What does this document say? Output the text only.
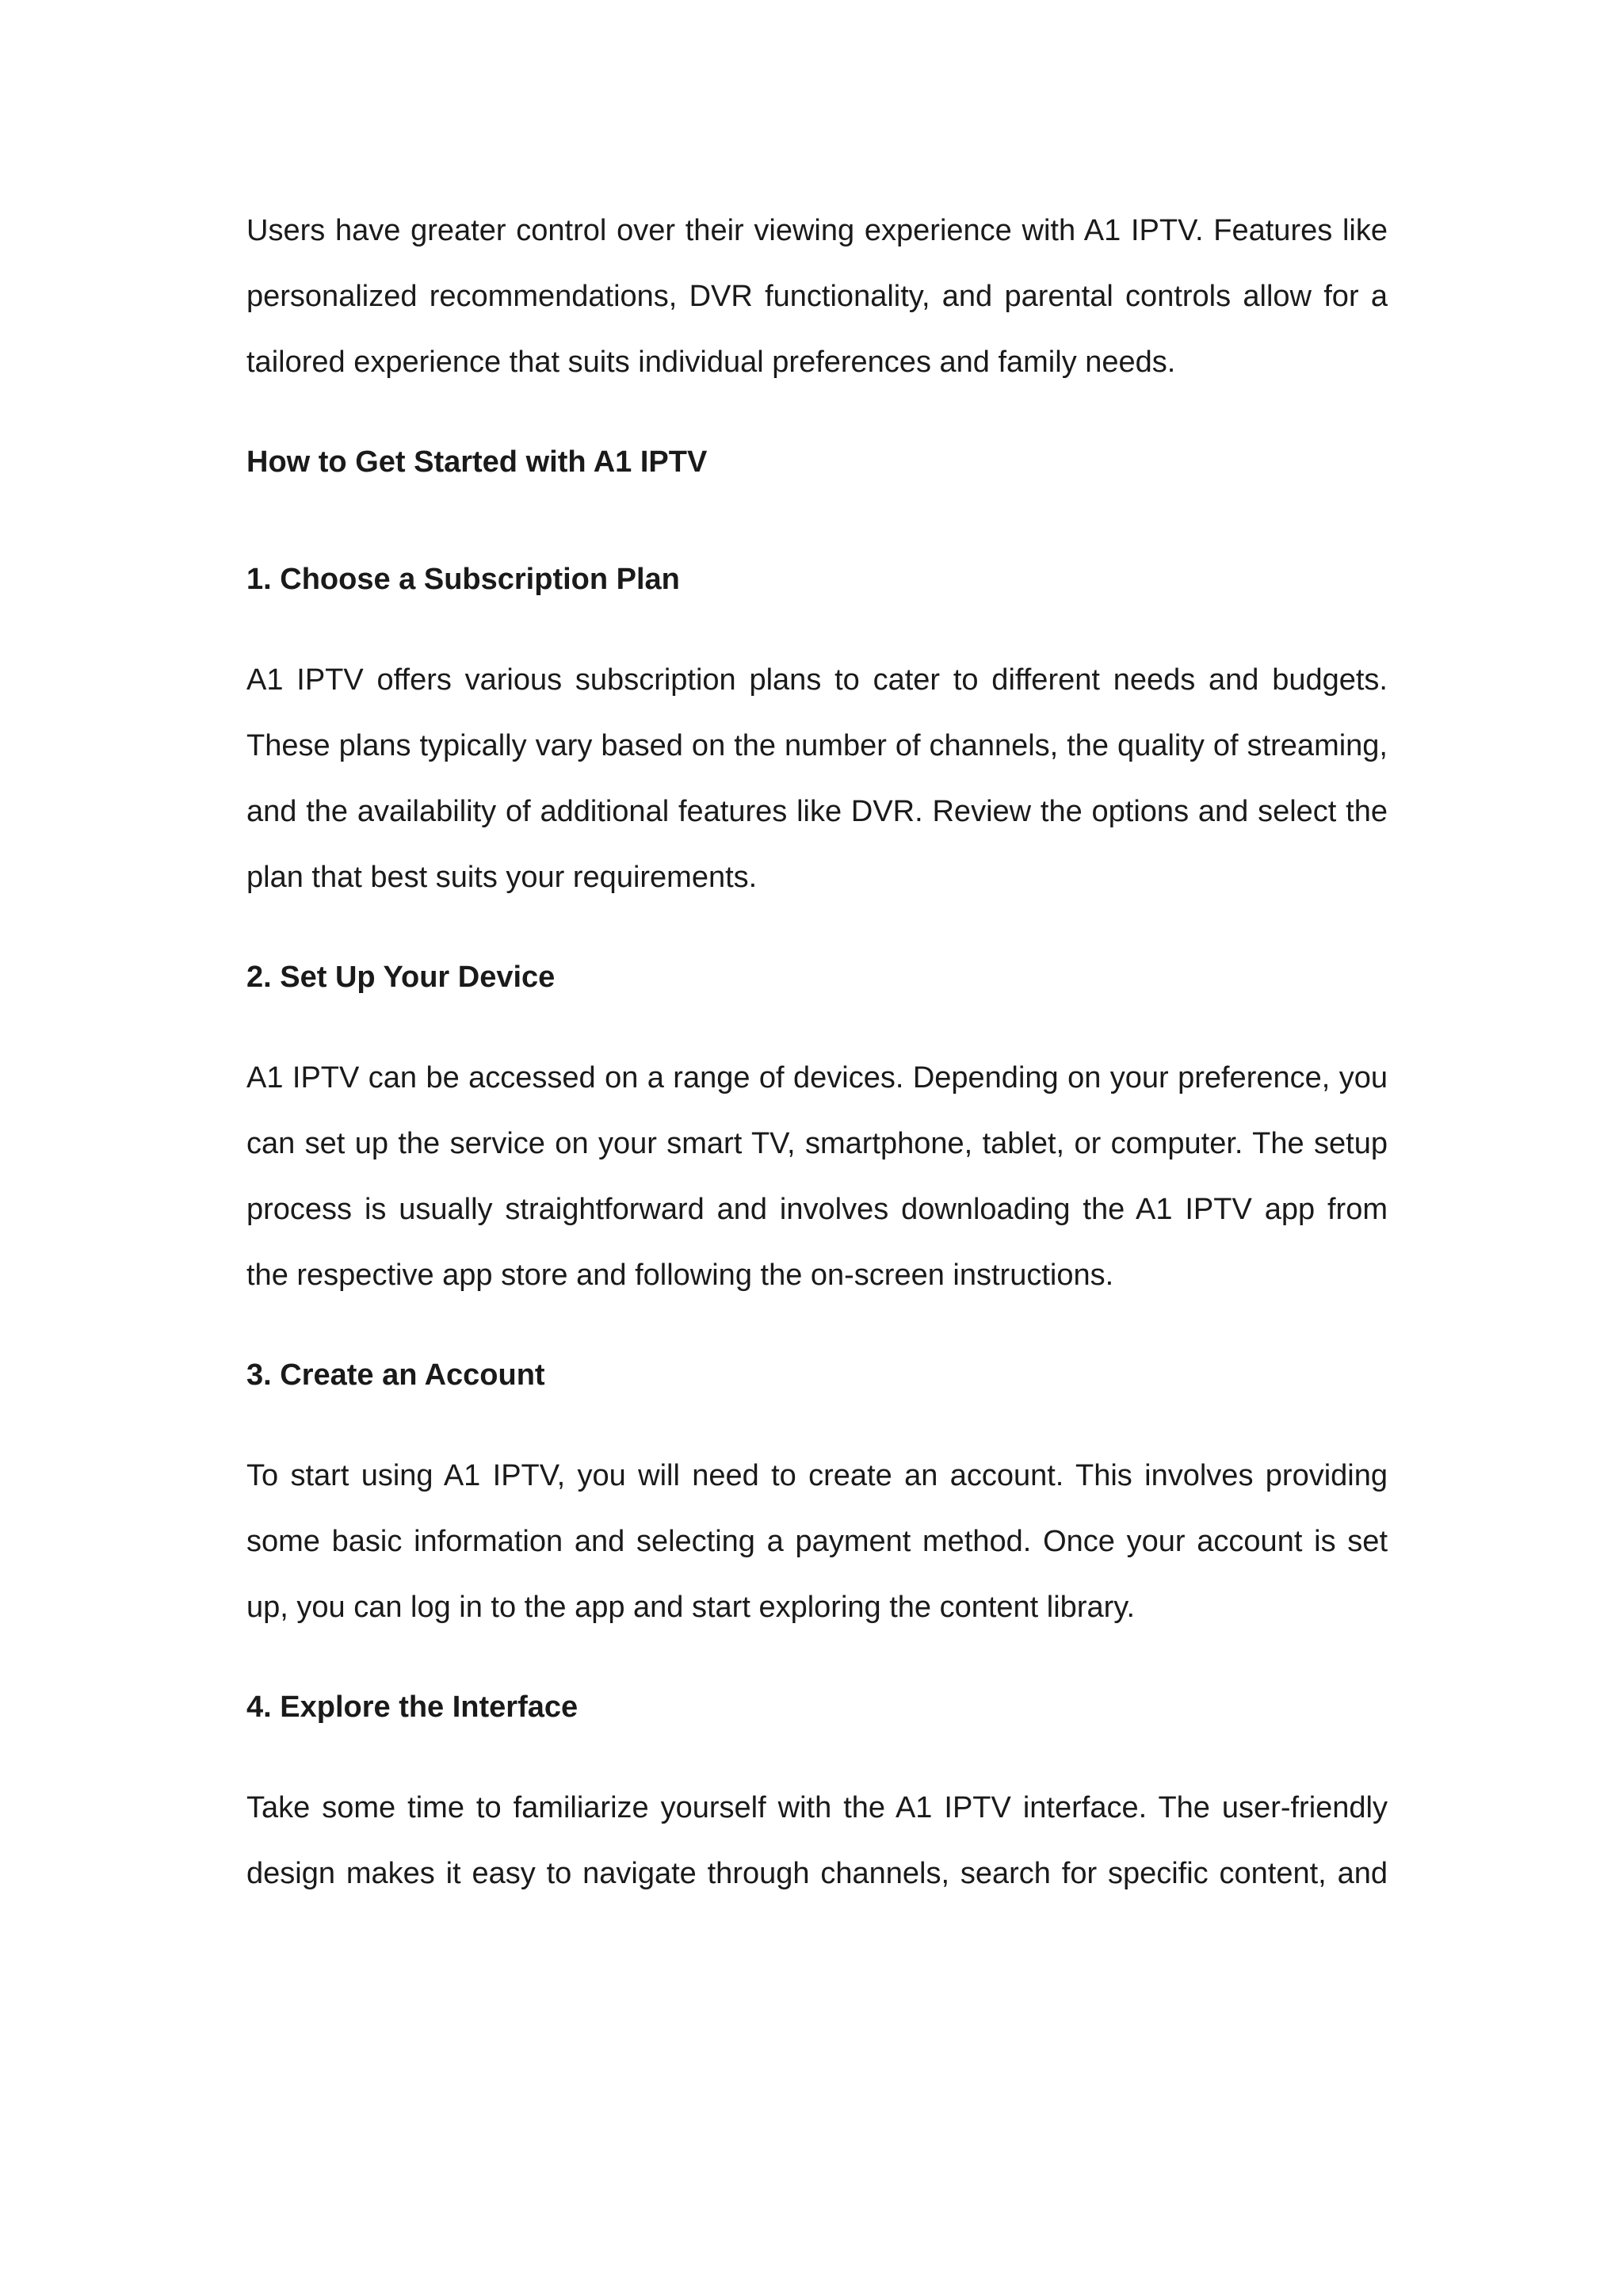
Users have greater control over their viewing experience with A1 IPTV. Features like personalized recommendations, DVR functionality, and parental controls allow for a tailored experience that suits individual preferences and family needs.

How to Get Started with A1 IPTV
1. Choose a Subscription Plan

A1 IPTV offers various subscription plans to cater to different needs and budgets. These plans typically vary based on the number of channels, the quality of streaming, and the availability of additional features like DVR. Review the options and select the plan that best suits your requirements.

2. Set Up Your Device

A1 IPTV can be accessed on a range of devices. Depending on your preference, you can set up the service on your smart TV, smartphone, tablet, or computer. The setup process is usually straightforward and involves downloading the A1 IPTV app from the respective app store and following the on-screen instructions.

3. Create an Account

To start using A1 IPTV, you will need to create an account. This involves providing some basic information and selecting a payment method. Once your account is set up, you can log in to the app and start exploring the content library.

4. Explore the Interface

Take some time to familiarize yourself with the A1 IPTV interface. The user-friendly design makes it easy to navigate through channels, search for specific content, and
